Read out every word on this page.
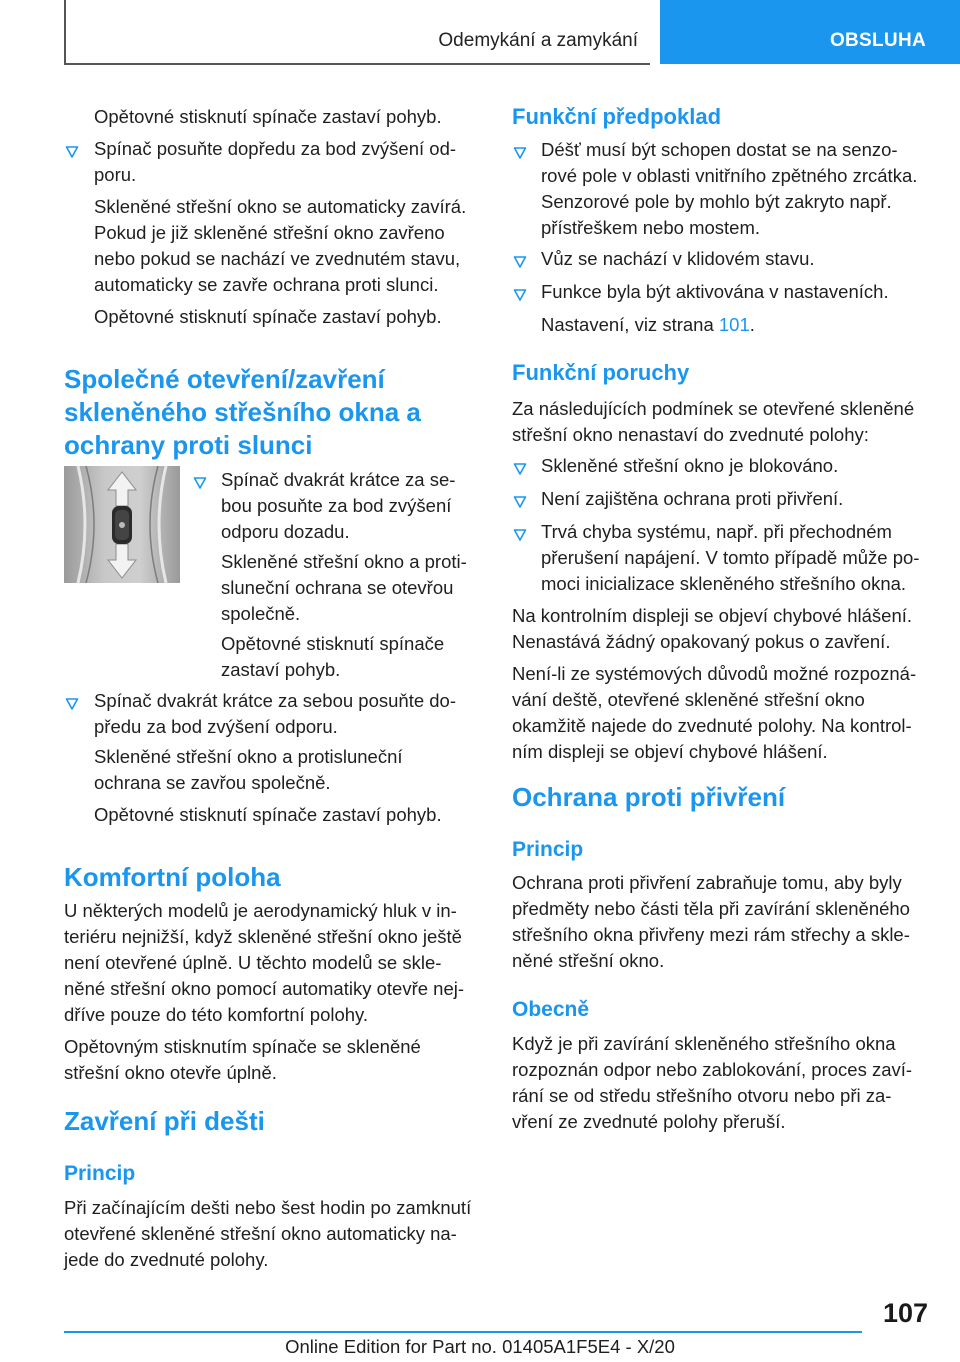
Odemykání a zamykání	OBSLUHA
Opětovné stisknutí spínače zastaví pohyb.
Spínač posuňte dopředu za bod zvýšení od-
poru.
Skleněné střešní okno se automaticky zavírá.
Pokud je již skleněné střešní okno zavřeno
nebo pokud se nachází ve zvednutém stavu,
automaticky se zavře ochrana proti slunci.
Opětovné stisknutí spínače zastaví pohyb.
Společné otevření/zavření
skleněného střešního okna a
ochrany proti slunci
Spínač dvakrát krátce za se-
bou posuňte za bod zvýšení
odporu dozadu.
Skleněné střešní okno a proti-
sluneční ochrana se otevřou
společně.
Opětovné stisknutí spínače
zastaví pohyb.
Spínač dvakrát krátce za sebou posuňte do-
předu za bod zvýšení odporu.
Skleněné střešní okno a protisluneční
ochrana se zavřou společně.
Opětovné stisknutí spínače zastaví pohyb.
Komfortní poloha
U některých modelů je aerodynamický hluk v in-
teriéru nejnižší, když skleněné střešní okno ještě
není otevřené úplně. U těchto modelů se skle-
něné střešní okno pomocí automatiky otevře nej-
dříve pouze do této komfortní polohy.
Opětovným stisknutím spínače se skleněné
střešní okno otevře úplně.
Zavření při dešti
Princip
Při začínajícím dešti nebo šest hodin po zamknutí
otevřené skleněné střešní okno automaticky na-
jede do zvednuté polohy.
Funkční předpoklad
Déšť musí být schopen dostat se na senzo-
rové pole v oblasti vnitřního zpětného zrcátka.
Senzorové pole by mohlo být zakryto např.
přístřeškem nebo mostem.
Vůz se nachází v klidovém stavu.
Funkce byla být aktivována v nastaveních.
Nastavení, viz strana 101.
Funkční poruchy
Za následujících podmínek se otevřené skleněné
střešní okno nenastaví do zvednuté polohy:
Skleněné střešní okno je blokováno.
Není zajištěna ochrana proti přivření.
Trvá chyba systému, např. při přechodném
přerušení napájení. V tomto případě může po-
moci inicializace skleněného střešního okna.
Na kontrolním displeji se objeví chybové hlášení.
Nenastává žádný opakovaný pokus o zavření.
Není-li ze systémových důvodů možné rozpozná-
vání deště, otevřené skleněné střešní okno
okamžitě najede do zvednuté polohy. Na kontrol-
ním displeji se objeví chybové hlášení.
Ochrana proti přivření
Princip
Ochrana proti přivření zabraňuje tomu, aby byly
předměty nebo části těla při zavírání skleněného
střešního okna přivřeny mezi rám střechy a skle-
něné střešní okno.
Obecně
Když je při zavírání skleněného střešního okna
rozpoznán odpor nebo zablokování, proces zaví-
rání se od středu střešního otvoru nebo při za-
vření ze zvednuté polohy přeruší.
107
Online Edition for Part no. 01405A1F5E4 - X/20
